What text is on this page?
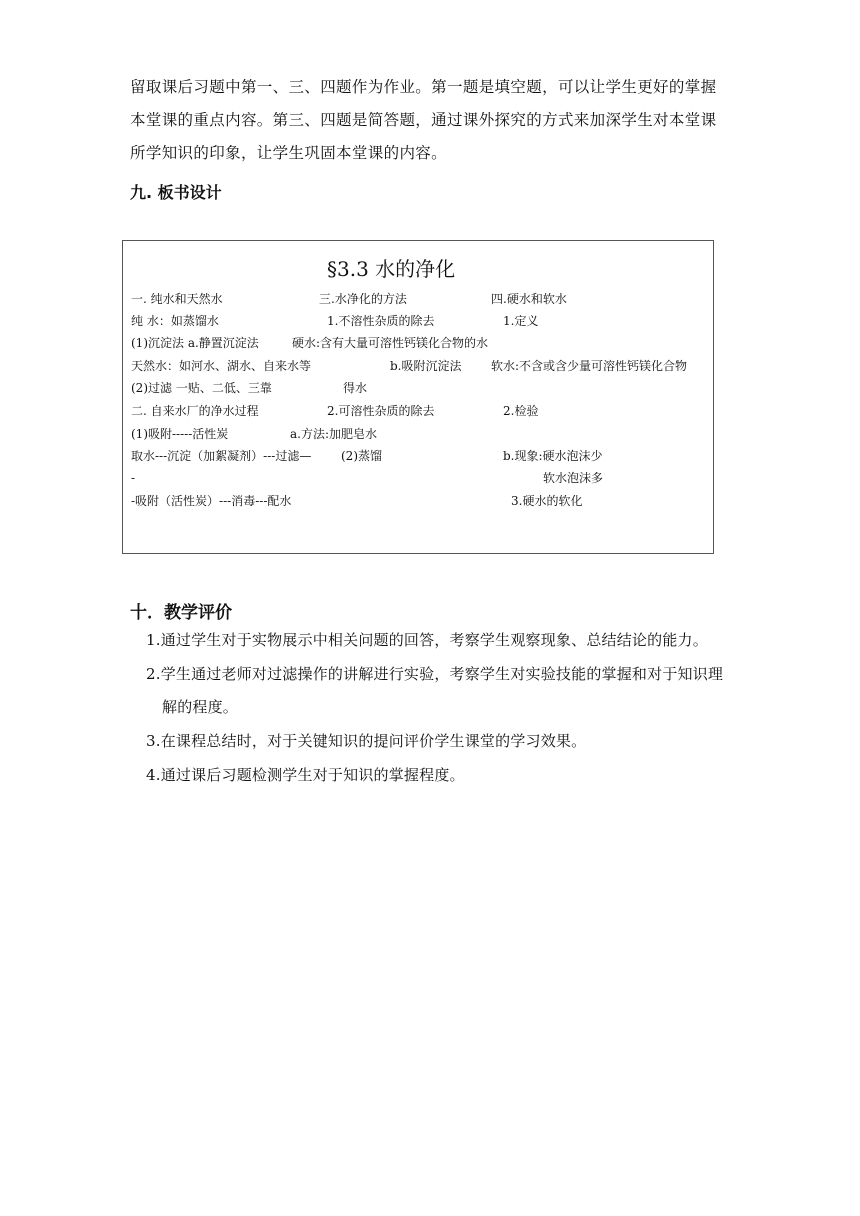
留取课后习题中第一、三、四题作为作业。第一题是填空题，可以让学生更好的掌握本堂课的重点内容。第三、四题是简答题，通过课外探究的方式来加深学生对本堂课所学知识的印象，让学生巩固本堂课的内容。
九. 板书设计
§3.3 水的净化
一. 纯水和天然水
纯 水：如蒸馏水
(1)沉淀法 a.静置沉淀法
天然水：如河水、湖水、自来水等
(2)过滤 一贴、二低、三靠
二. 自来水厂的净水过程
(1)吸附-----活性炭
取水---沉淀（加絮凝剂）---过滤—
-
-吸附（活性炭）---消毒---配水
三.水净化的方法
1.不溶性杂质的除去
硬水:含有大量可溶性钙镁化合物的水
b.吸附沉淀法
得水
2.可溶性杂质的除去
a.方法:加肥皂水
(2)蒸馏
四.硬水和软水
1.定义
软水:不含或含少量可溶性钙镁化合物
2.检验
b.现象:硬水泡沫少
软水泡沫多
3.硬水的软化
十．教学评价
1.通过学生对于实物展示中相关问题的回答，考察学生观察现象、总结结论的能力。
2.学生通过老师对过滤操作的讲解进行实验，考察学生对实验技能的掌握和对于知识理解的程度。
3.在课程总结时，对于关键知识的提问评价学生课堂的学习效果。
4.通过课后习题检测学生对于知识的掌握程度。
